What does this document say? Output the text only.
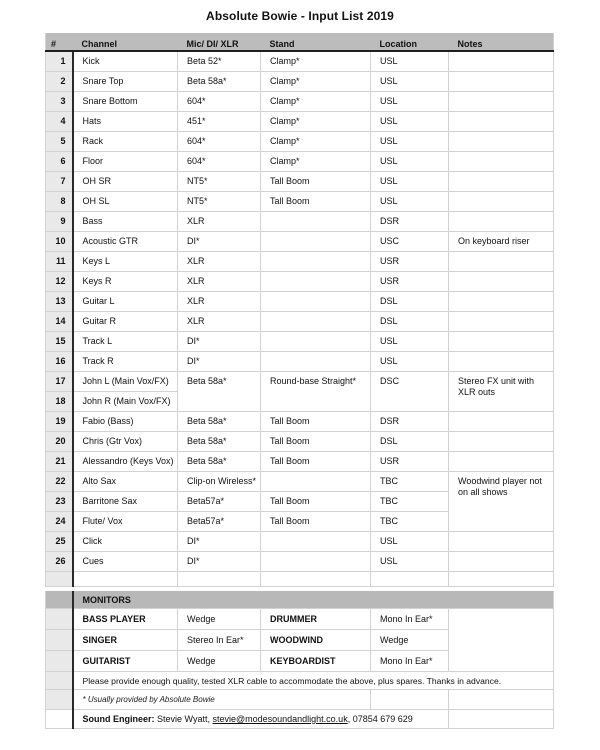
Absolute Bowie - Input List 2019
#	Channel	Mic/ DI/ XLR	Stand	Location	Notes
1	Kick	Beta 52*	Clamp*	USL	
2	Snare Top	Beta 58a*	Clamp*	USL	
3	Snare Bottom	604*	Clamp*	USL	
4	Hats	451*	Clamp*	USL	
5	Rack	604*	Clamp*	USL	
6	Floor	604*	Clamp*	USL	
7	OH SR	NT5*	Tall Boom	USL	
8	OH SL	NT5*	Tall Boom	USL	
9	Bass	XLR		DSR	
10	Acoustic GTR	DI*		USC	On keyboard riser
11	Keys L	XLR		USR	
12	Keys R	XLR		USR	
13	Guitar L	XLR		DSL	
14	Guitar R	XLR		DSL	
15	Track L	DI*		USL	
16	Track R	DI*		USL	
17	John L (Main Vox/FX)	Beta 58a*	Round-base Straight*	DSC	Stereo FX unit with XLR outs
18	John R (Main Vox/FX)				
19	Fabio (Bass)	Beta 58a*	Tall Boom	DSR	
20	Chris (Gtr Vox)	Beta 58a*	Tall Boom	DSL	
21	Alessandro (Keys Vox)	Beta 58a*	Tall Boom	USR	
22	Alto Sax	Clip-on Wireless*		TBC	Woodwind player not on all shows
23	Barritone Sax	Beta57a*	Tall Boom	TBC	
24	Flute/ Vox	Beta57a*	Tall Boom	TBC	
25	Click	DI*		USL	
26	Cues	DI*		USL	

	MONITORS				
	BASS PLAYER	Wedge	DRUMMER	Mono In Ear*	
	SINGER	Stereo In Ear*	WOODWIND	Wedge	
	GUITARIST	Wedge	KEYBOARDIST	Mono In Ear*	
	Please provide enough quality, tested XLR cable to accommodate the above, plus spares. Thanks in advance.				
	* Usually provided by Absolute Bowie				
	Sound Engineer: Stevie Wyatt, stevie@modesoundandlight.co.uk, 07854 679 629				
